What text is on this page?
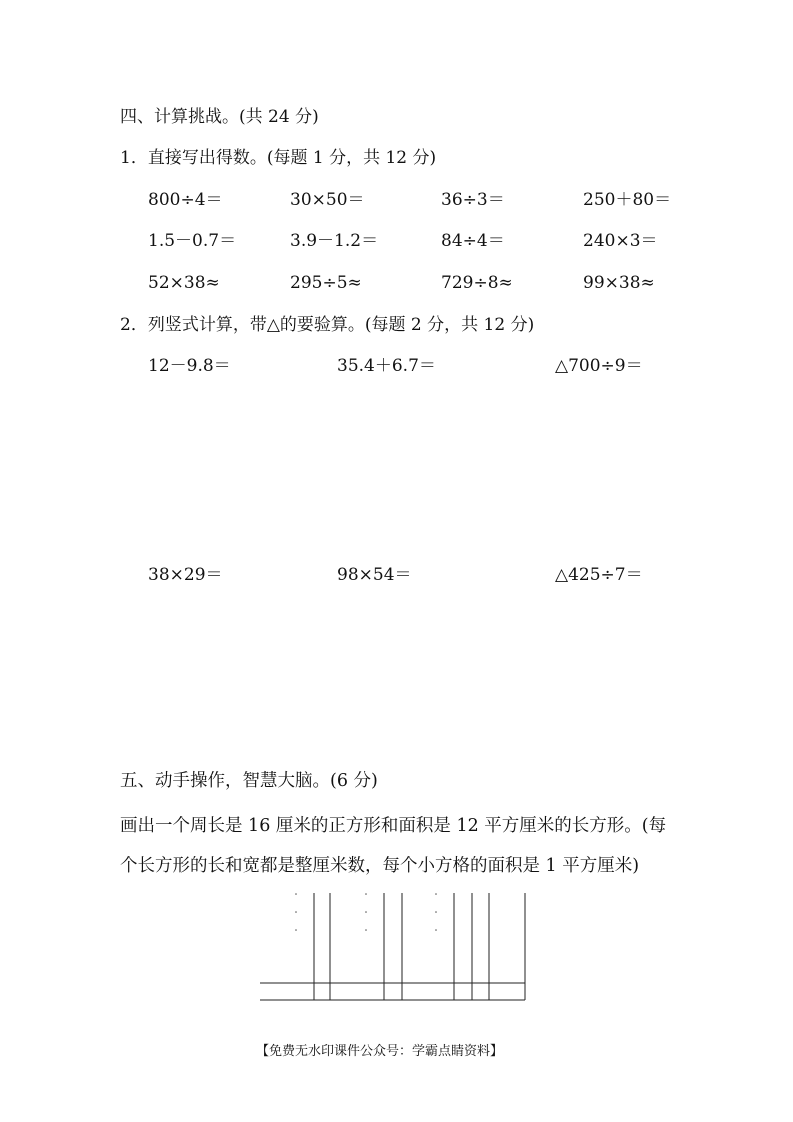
四、计算挑战。(共 24 分)
1．直接写出得数。(每题 1 分，共 12 分)
800÷4＝	30×50＝	36÷3＝	250＋80＝
1.5－0.7＝	3.9－1.2＝	84÷4＝	240×3＝
52×38≈	295÷5≈	729÷8≈	99×38≈
2．列竖式计算，带△的要验算。(每题 2 分，共 12 分)
12－9.8＝	35.4＋6.7＝	△700÷9＝
38×29＝	98×54＝	△425÷7＝
五、动手操作，智慧大脑。(6 分)
画出一个周长是 16 厘米的正方形和面积是 12 平方厘米的长方形。(每
个长方形的长和宽都是整厘米数，每个小方格的面积是 1 平方厘米)
【免费无水印课件公众号：学霸点睛资料】
